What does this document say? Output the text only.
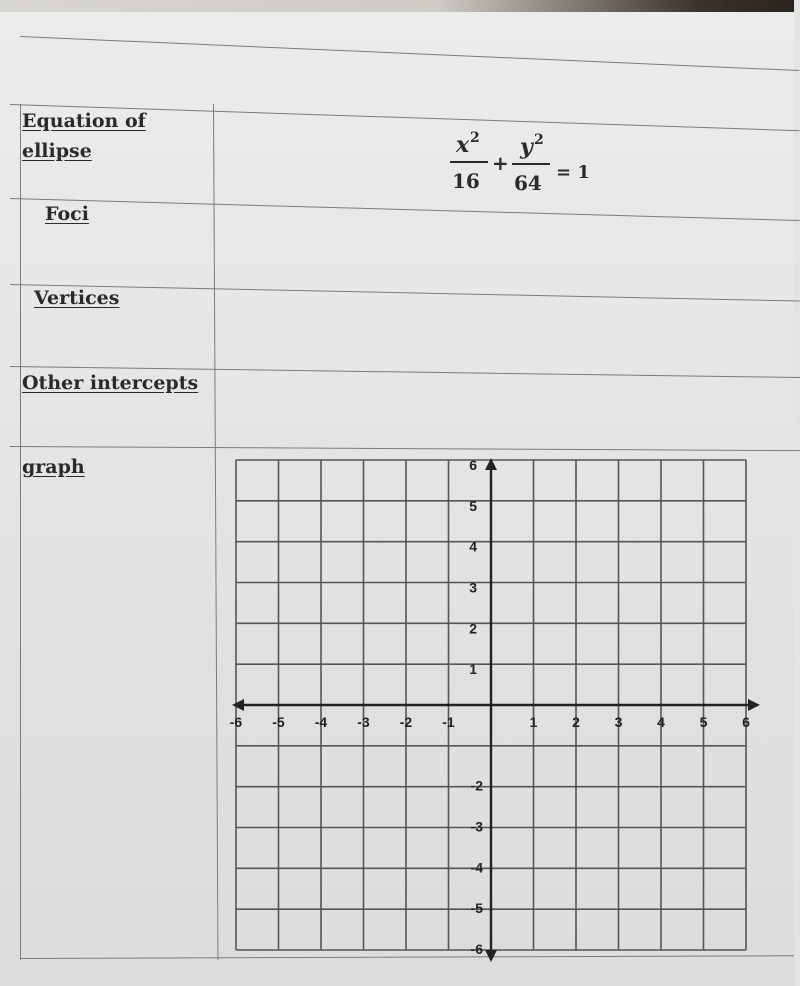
Equation of
ellipse
Foci
Vertices
Other intercepts
graph
x 2
16
+
y 2
64 = 1
-6 -5 -4 -3 -2 -1	1 2 3 4 5 6
6
5
4
3
2
1
-2
-3
-4
-5
-6
